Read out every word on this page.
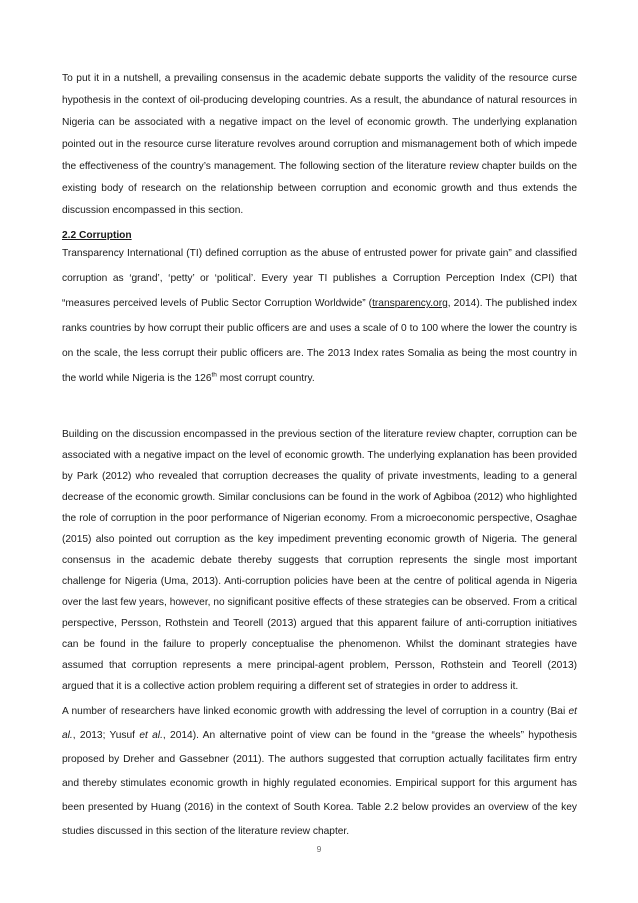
To put it in a nutshell, a prevailing consensus in the academic debate supports the validity of the resource curse hypothesis in the context of oil-producing developing countries. As a result, the abundance of natural resources in Nigeria can be associated with a negative impact on the level of economic growth. The underlying explanation pointed out in the resource curse literature revolves around corruption and mismanagement both of which impede the effectiveness of the country’s management. The following section of the literature review chapter builds on the existing body of research on the relationship between corruption and economic growth and thus extends the discussion encompassed in this section.

2.2 Corruption

Transparency International (TI) defined corruption as the abuse of entrusted power for private gain” and classified corruption as ‘grand’, ‘petty’ or ‘political’. Every year TI publishes a Corruption Perception Index (CPI) that “measures perceived levels of Public Sector Corruption Worldwide” (transparency.org, 2014). The published index ranks countries by how corrupt their public officers are and uses a scale of 0 to 100 where the lower the country is on the scale, the less corrupt their public officers are. The 2013 Index rates Somalia as being the most country in the world while Nigeria is the 126th most corrupt country.

Building on the discussion encompassed in the previous section of the literature review chapter, corruption can be associated with a negative impact on the level of economic growth. The underlying explanation has been provided by Park (2012) who revealed that corruption decreases the quality of private investments, leading to a general decrease of the economic growth. Similar conclusions can be found in the work of Agbiboa (2012) who highlighted the role of corruption in the poor performance of Nigerian economy. From a microeconomic perspective, Osaghae (2015) also pointed out corruption as the key impediment preventing economic growth of Nigeria. The general consensus in the academic debate thereby suggests that corruption represents the single most important challenge for Nigeria (Uma, 2013). Anti-corruption policies have been at the centre of political agenda in Nigeria over the last few years, however, no significant positive effects of these strategies can be observed. From a critical perspective, Persson, Rothstein and Teorell (2013) argued that this apparent failure of anti-corruption initiatives can be found in the failure to properly conceptualise the phenomenon. Whilst the dominant strategies have assumed that corruption represents a mere principal-agent problem, Persson, Rothstein and Teorell (2013) argued that it is a collective action problem requiring a different set of strategies in order to address it.

A number of researchers have linked economic growth with addressing the level of corruption in a country (Bai et al., 2013; Yusuf et al., 2014). An alternative point of view can be found in the “grease the wheels” hypothesis proposed by Dreher and Gassebner (2011). The authors suggested that corruption actually facilitates firm entry and thereby stimulates economic growth in highly regulated economies. Empirical support for this argument has been presented by Huang (2016) in the context of South Korea. Table 2.2 below provides an overview of the key studies discussed in this section of the literature review chapter.

9
